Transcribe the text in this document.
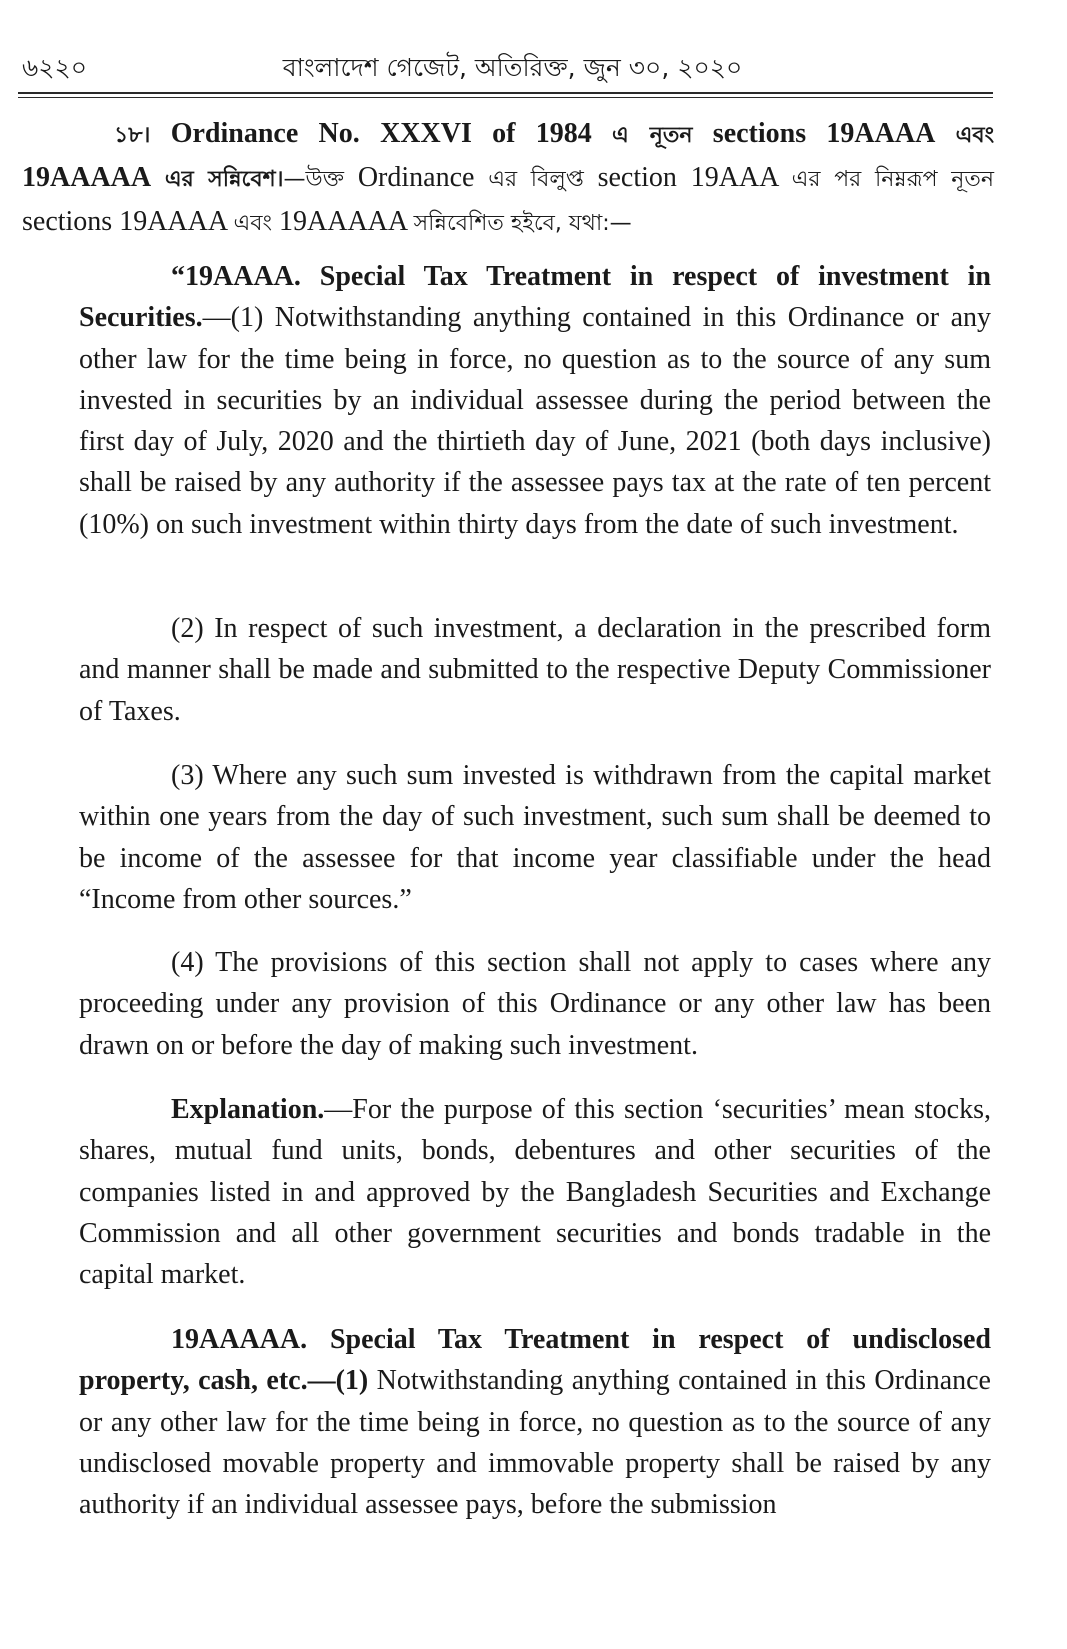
৬২২০	বাংলাদেশ গেজেট, অতিরিক্ত, জুন ৩০, ২০২০

১৮। Ordinance No. XXXVI of 1984 এ নূতন sections 19AAAA এবং 19AAAAA এর সন্নিবেশ।—উক্ত Ordinance এর বিলুপ্ত section 19AAA এর পর নিম্নরূপ নূতন sections 19AAAA এবং 19AAAAA সন্নিবেশিত হইবে, যথা:—

“19AAAA. Special Tax Treatment in respect of investment in Securities.—(1) Notwithstanding anything contained in this Ordinance or any other law for the time being in force, no question as to the source of any sum invested in securities by an individual assessee during the period between the first day of July, 2020 and the thirtieth day of June, 2021 (both days inclusive) shall be raised by any authority if the assessee pays tax at the rate of ten percent (10%) on such investment within thirty days from the date of such investment.

(2) In respect of such investment, a declaration in the prescribed form and manner shall be made and submitted to the respective Deputy Commissioner of Taxes.

(3) Where any such sum invested is withdrawn from the capital market within one years from the day of such investment, such sum shall be deemed to be income of the assessee for that income year classifiable under the head “Income from other sources.”

(4) The provisions of this section shall not apply to cases where any proceeding under any provision of this Ordinance or any other law has been drawn on or before the day of making such investment.

Explanation.—For the purpose of this section ‘securities’ mean stocks, shares, mutual fund units, bonds, debentures and other securities of the companies listed in and approved by the Bangladesh Securities and Exchange Commission and all other government securities and bonds tradable in the capital market.

19AAAAA. Special Tax Treatment in respect of undisclosed property, cash, etc.—(1) Notwithstanding anything contained in this Ordinance or any other law for the time being in force, no question as to the source of any undisclosed movable property and immovable property shall be raised by any authority if an individual assessee pays, before the submission
